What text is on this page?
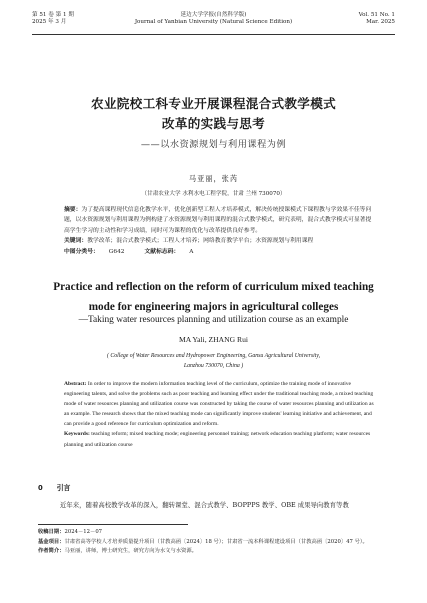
第 51 卷 第 1 期
2025 年 3 月
延边大学学报(自然科学版)
Journal of Yanbian University (Natural Science Edition)
Vol. 51 No. 1
Mar. 2025
农业院校工科专业开展课程混合式教学模式
改革的实践与思考
——以水资源规划与利用课程为例
马亚丽，张芮
（甘肃农业大学 水利水电工程学院，甘肃 兰州 730070）
摘要：为了提高课程现代信息化教学水平，优化创新型工程人才培养模式，解决传统授课模式下课程教与学效果不佳等问题，以水资源规划与利用课程为例构建了水资源规划与利用课程的混合式教学模式，研究表明，混合式教学模式可显著提高学生学习的主动性和学习成绩，同时可为课程的优化与改革提供良好参考。
关键词：教学改革；混合式教学模式；工程人才培养；网络教育教学平台；水资源规划与利用课程
中图分类号： G642	文献标志码： A
Practice and reflection on the reform of curriculum mixed teaching
mode for engineering majors in agricultural colleges
—Taking water resources planning and utilization course as an example
MA Yali, ZHANG Rui
( College of Water Resources and Hydropower Engineering, Gansu Agricultural University,
Lanzhou 730070, China )
Abstract: In order to improve the modern information teaching level of the curriculum, optimize the training mode of innovative engineering talents, and solve the problems such as poor teaching and learning effect under the traditional teaching mode, a mixed teaching mode of water resources planning and utilization course was constructed by taking the course of water resources planning and utilization as an example. The research shows that the mixed teaching mode can significantly improve students' learning initiative and achievement, and can provide a good reference for curriculum optimization and reform.
Keywords: teaching reform; mixed teaching mode; engineering personnel training; network education teaching platform; water resources planning and utilization course
0 引言
近年来，随着高校教学改革的深入，翻转课堂、混合式教学、BOPPPS 教学、OBE 成果导向教育等教
收稿日期： 2024－12－07
基金项目： 甘肃省高等学校人才培养质量提升项目（甘教高函〔2024〕18 号）；甘肃省一流本科课程建设项目（甘教高函〔2020〕47 号）。
作者简介： 马亚丽，讲师，博士研究生，研究方向为水文与水资源。
